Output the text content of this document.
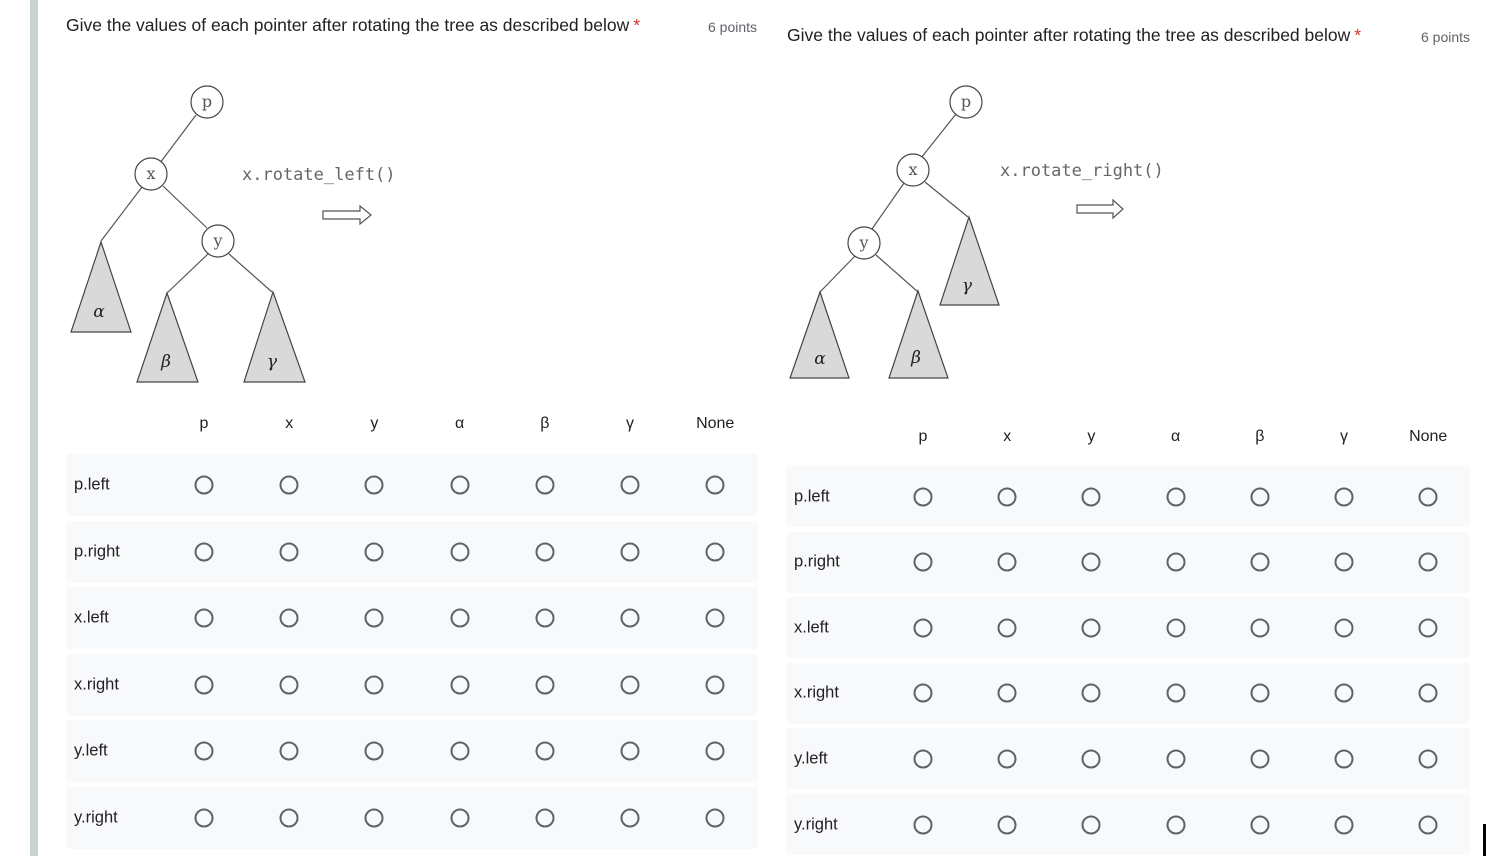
Give the values of each pointer after rotating the tree as described below *	6 points
α
β	γ
p
x
y
x.rotate_left()
p	x	y	α	β	γ	None
p.left
p.right
x.left
x.right
y.left
y.right
Give the values of each pointer after rotating the tree as described below *	6 points
α	β
γ
p
x
y
x.rotate_right()
p	x	y	α	β	γ	None
p.left
p.right
x.left
x.right
y.left
y.right
